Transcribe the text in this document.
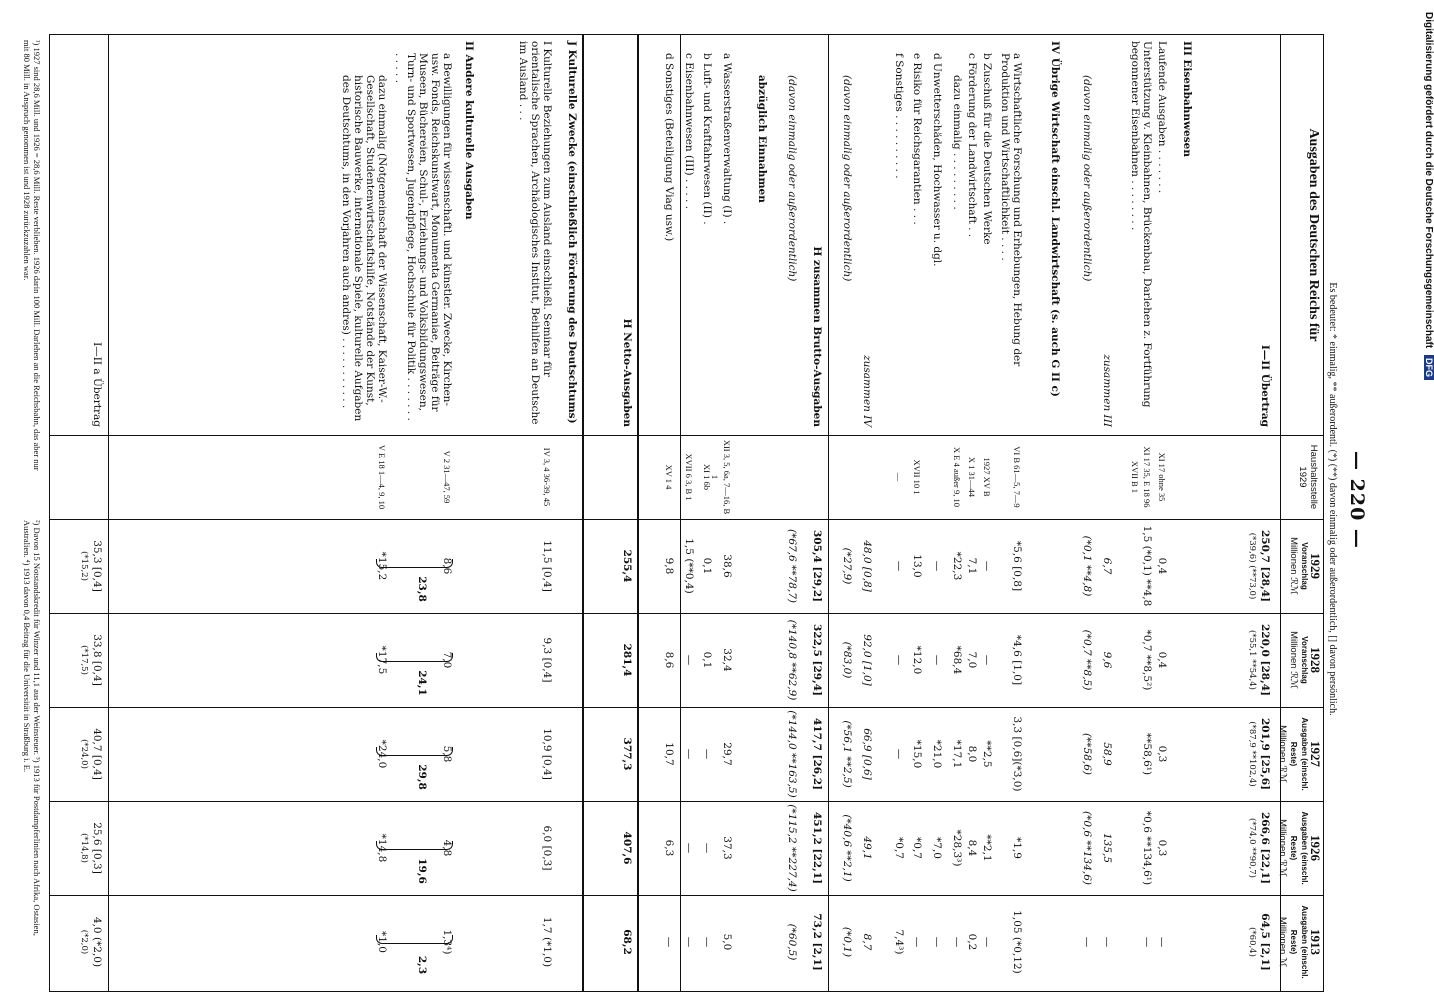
— 220 —
Es bedeutet: * einmalig, ** außerordentl. (*) (**) davon einmalig oder außerordentlich, [] davon persönlich.
Ausgaben des Deutschen Reichs für
Haushaltsstelle 1929
1929
Voranschlag
Millionen ℛℳ
1928
Voranschlag
Millionen ℛℳ
1927
Ausgaben (einschl. Reste)
Millionen ℛℳ
1926
Ausgaben (einschl. Reste)
Millionen ℛℳ
1913
Ausgaben (einschl. Reste)
Millionen ℳ
I—II Übertrag
250,7 [28,4]
220,0 [28,4]
201,9 [25,6]
266,6 [22,1]
64,5 [2,1]
(*39,6) (**73,0)
(*55,1 **54,4)
(*87,9 **102,4)
(*74,0 **90,7)
(*60,4)
III Eisenbahnwesen
Laufende Ausgaben . . . . . . .
XI 17 ohne 35
0,4
0,4
0,3
0,3
—
Unterstützung v. Kleinbahnen, Brückenbau, Darlehen z. Fortführung begonnener Eisenbahnen . . . . . . . .
XI 17 35, E 18 96 XVII B 1
1,5 (*0,1) **4,8
*0,7 **8,5²)
**58,6¹)
*0,6 **134,6¹)
—
zusammen III
6,7
9,6
58,9
135,5
—
(davon einmalig oder außerordentlich)
(*0,1 **4,8)
(*0,7 **8,5)
(**58,6)
(*0,6 **134,6)
—
IV Übrige Wirtschaft einschl. Landwirtschaft (s. auch G II c)
a Wirtschaftliche Forschung und Erhebungen, Hebung der Produktion und Wirtschaftlichkeit . . . .
VI B 61—5, 7—9
*5,6 [0,8]
*4,6 [1,0]
3,3 [0,6](*3,0)
*1,9
1,05 (*0,12)
b Zuschuß für die Deutschen Werke
1927 XV B
—
—
**2,5
**2,1
—
c Förderung der Landwirtschaft . .
X 1 31—44
7,1
7,0
8,0
8,4
0,2
dazu einmalig . . . . . . . . .
X E 4 außer 9, 10
*22,3
*68,4
*17,1
*28,3³)
—
d Unwetterschäden, Hochwasser u. dgl.
—
—
*21,0
*7,0
—
e Risiko für Reichsgarantien . . .
XVII 10 1
13,0
*12,0
*15,0
*0,7
—
f Sonstiges . . . . . . . . . .
—
—
—
—
*0,7
7,4³)
zusammen IV
48,0 [0,8]
92,0 [1,0]
66,9 [0,6]
49,1
8,7
(davon einmalig oder außerordentlich)
(*27,9)
(*83,0)
(*56,1 **2,5)
(*40,6 **2,1)
(*0,1)
H zusammen Brutto-Ausgaben
305,4 [29,2]
322,5 [29,4]
417,7 [26,2]
451,2 [22,1]
73,2 [2,1]
(davon einmalig oder außerordentlich)
(*67,6 **78,7)
(*140,8 **62,9)
(*144,0 **163,5)
(*115,2 **227,4)
(*60,5)
abzüglich Einnahmen
a Wasserstraßenverwaltung (I) .
XII 3, 5, 6a, 7—16, B 1
38,6
32,4
29,7
37,3
5,0
b Luft- und Kraftfahrwesen (II) .
XI 1 6b
0,1
0,1
—
—
—
c Eisenbahnwesen (III) . . . . .
XVII 6 3, B 1
1,5 (**0,4)
—
—
—
—
d Sonstiges (Beteiligung Viag usw.)
XV 1 4
9,8
8,6
10,7
6,3
—
H Netto-Ausgaben
255,4
281,4
377,3
407,6
68,2
J Kulturelle Zwecke (einschließlich Förderung des Deutschtums)
I Kulturelle Beziehungen zum Ausland einschließl. Seminar für orientalische Sprachen, Archäologisches Institut, Beihilfen an Deutsche im Ausland . . .
IV 3, 4 36-39, 45
11,5 [0,4]
9,3 [0,4]
10,9 [0,4]
6,0 [0,3]
1,7 (*1,0)
II Andere kulturelle Ausgaben
a Bewilligungen für wissenschaftl. und künstler. Zwecke, Kirchen- usw. Fonds, Reichskunstwart, Monumenta Germaniae, Beiträge für Museen, Büchereien, Schul-, Erziehungs- und Volksbildungswesen, Turn- und Sportwesen, Jugendpflege, Hochschule für Politik . . . . . . . . . . . .
V 2 31—47, 59
8,6
7,0
5,8
4,8
1,3⁴)
dazu einmalig (Notgemeinschaft der Wissenschaft, Kaiser-W.-Gesellschaft, Studentenwirtschaftshilfe, Notstände der Kunst, historische Bauwerke, internationale Spiele, kulturelle Aufgaben des Deutschtums, in den Vorjahren auch andres) . . . . . . . . . . .
V E 18 1—4, 9, 10
*15,2
*17,5
*24,0
*14,8
*1,0
I—II a Übertrag
35,3 [0,4]
33,8 [0,4]
40,7 [0,4]
25,6 [0,3]
4,0 (*2,0)
(*15,2)
(*17,5)
(*24,0)
(*14,8)
(*2,0)
23,8
24,1
29,8
19,6
2,3
¹) 1927 sind 28,6 Mill. und 1926 = 28,6 Mill. Reste verblieben. 1926 darin 100 Mill. Darlehen an die Reichsbahn, das aber nur mit 80 Mill. in Anspruch genommen ist und 1928 zurückzuzahlen war.
²) Davon 15 Notstandskredit für Winzer und 11,1 aus der Weinsteuer. ³) 1913 für Postdampferlinien nach Afrika, Ostasien, Australien. ⁴) 1913 davon 0,4 Beitrag für die Universität in Straßburg i. E.
Digitalisierung gefördert durch die Deutsche Forschungsgemeinschaft DFG
